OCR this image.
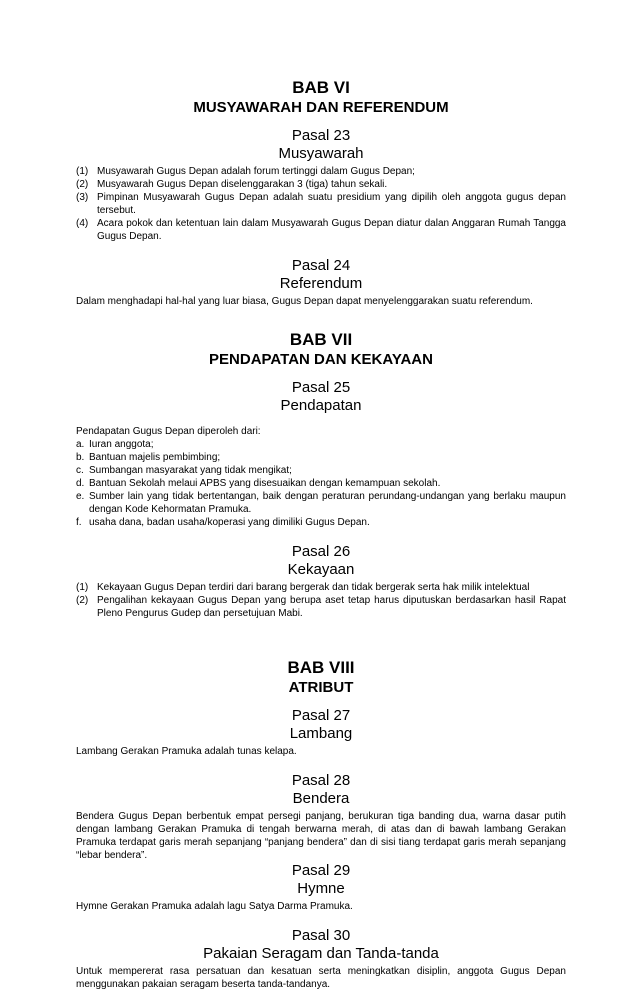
BAB VI
MUSYAWARAH DAN REFERENDUM
Pasal 23
Musyawarah
(1) Musyawarah Gugus Depan adalah forum tertinggi dalam Gugus Depan;
(2) Musyawarah Gugus Depan diselenggarakan 3 (tiga) tahun sekali.
(3) Pimpinan Musyawarah Gugus Depan adalah suatu presidium yang dipilih oleh anggota gugus depan tersebut.
(4) Acara pokok dan ketentuan lain dalam Musyawarah Gugus Depan diatur dalan Anggaran Rumah Tangga Gugus Depan.
Pasal 24
Referendum

Dalam menghadapi hal-hal yang luar biasa, Gugus Depan dapat menyelenggarakan suatu referendum.

BAB VII
PENDAPATAN DAN KEKAYAAN
Pasal 25
Pendapatan

Pendapatan Gugus Depan diperoleh dari:

a. Iuran anggota;
b. Bantuan majelis pembimbing;
c. Sumbangan masyarakat yang tidak mengikat;
d. Bantuan Sekolah melaui APBS yang disesuaikan dengan kemampuan sekolah.
e. Sumber lain yang tidak bertentangan, baik dengan peraturan perundang-undangan yang berlaku maupun dengan Kode Kehormatan Pramuka.
f. usaha dana, badan usaha/koperasi yang dimiliki Gugus Depan.
Pasal 26
Kekayaan
(1) Kekayaan Gugus Depan terdiri dari barang bergerak dan tidak bergerak serta hak milik intelektual
(2) Pengalihan kekayaan Gugus Depan yang berupa aset tetap harus diputuskan berdasarkan hasil Rapat Pleno Pengurus Gudep dan persetujuan Mabi.
BAB VIII
ATRIBUT
Pasal 27
Lambang

Lambang Gerakan Pramuka adalah tunas kelapa.

Pasal 28
Bendera

Bendera Gugus Depan berbentuk empat persegi panjang, berukuran tiga banding dua, warna dasar putih dengan lambang Gerakan Pramuka di tengah berwarna merah, di atas dan di bawah lambang Gerakan Pramuka terdapat garis merah sepanjang “panjang bendera” dan di sisi tiang terdapat garis merah sepanjang “lebar bendera”.

Pasal 29
Hymne

Hymne Gerakan Pramuka adalah lagu Satya Darma Pramuka.

Pasal 30
Pakaian Seragam dan Tanda-tanda

Untuk mempererat rasa persatuan dan kesatuan serta meningkatkan disiplin, anggota Gugus Depan menggunakan pakaian seragam beserta tanda-tandanya.
